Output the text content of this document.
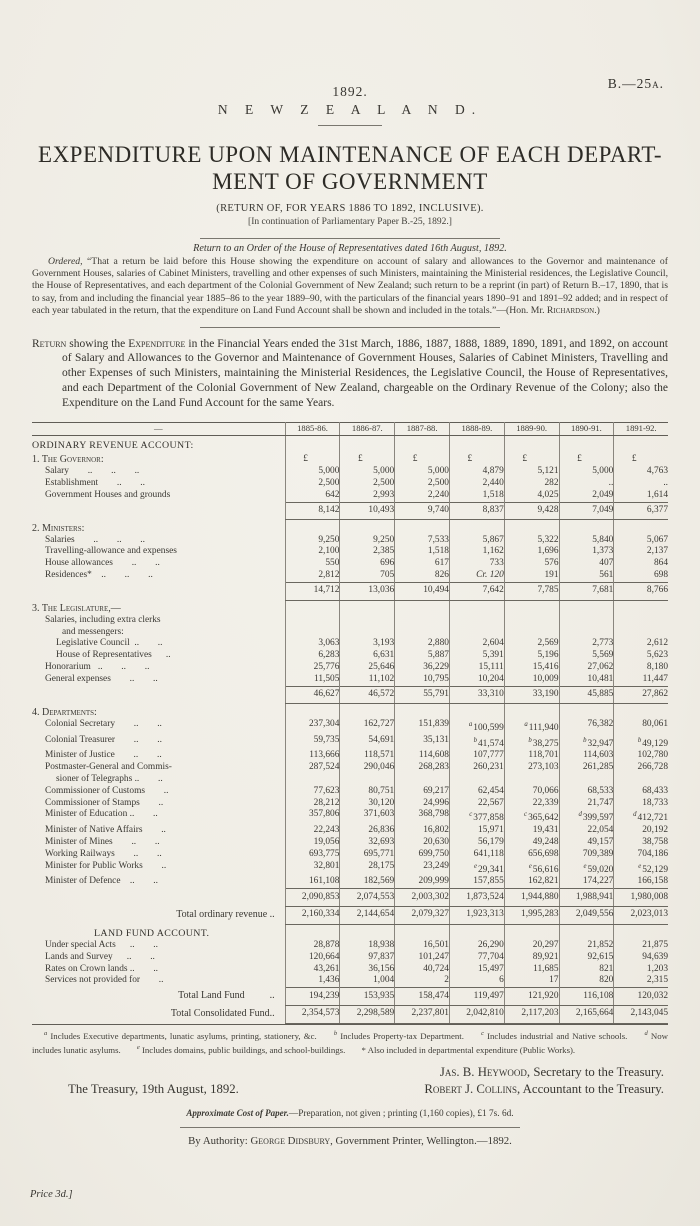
B.—25a.
1892.
N E W Z E A L A N D.
EXPENDITURE UPON MAINTENANCE OF EACH DEPART-
MENT OF GOVERNMENT
(RETURN OF, FOR YEARS 1886 TO 1892, INCLUSIVE).
[In continuation of Parliamentary Paper B.-25, 1892.]
Return to an Order of the House of Representatives dated 16th August, 1892.

Ordered, “That a return be laid before this House showing the expenditure on account of salary and allowances to the Governor and maintenance of Government Houses, salaries of Cabinet Ministers, travelling and other expenses of such Ministers, maintaining the Ministerial residences, the Legislative Council, the House of Representatives, and each department of the Colonial Government of New Zealand; such return to be a reprint (in part) of Return B.–17, 1890, that is to say, from and including the financial year 1885–86 to the year 1889–90, with the particulars of the financial years 1890–91 and 1891–92 added; and in respect of each year tabulated in the return, that the expenditure on Land Fund Account shall be shown and included in the totals.”—(Hon. Mr. Richardson.)

Return showing the Expenditure in the Financial Years ended the 31st March, 1886, 1887, 1888, 1889, 1890, 1891, and 1892, on account of Salary and Allowances to the Governor and Maintenance of Government Houses, Salaries of Cabinet Ministers, Travelling and other Expenses of such Ministers, maintaining the Ministerial Residences, the Legislative Council, the House of Representatives, and each Department of the Colonial Government of New Zealand, chargeable on the Ordinary Revenue of the Colony; also the Expenditure on the Land Fund Account for the same Years.

—	1885-86.	1886-87.	1887-88.	1888-89.	1889-90.	1890-91.	1891-92.

ORDINARY REVENUE ACCOUNT:							

1. The Governor:	£	£	£	£	£	£	£

Salary        ..        ..        ..	5,000	5,000	5,000	4,879	5,121	5,000	4,763

Establishment        ..        ..	2,500	2,500	2,500	2,440	282	..	..

Government Houses and grounds	642	2,993	2,240	1,518	4,025	2,049	1,614

	8,142	10,493	9,740	8,837	9,428	7,049	6,377

2. Ministers:							

Salaries        ..        ..        ..	9,250	9,250	7,533	5,867	5,322	5,840	5,067

Travelling-allowance and expenses	2,100	2,385	1,518	1,162	1,696	1,373	2,137

House allowances        ..        ..	550	696	617	733	576	407	864

Residences*    ..        ..        ..	2,812	705	826	Cr. 120	191	561	698

	14,712	13,036	10,494	7,642	7,785	7,681	8,766

3. The Legislature,—							

Salaries, including extra clerks
and messengers:							

Legislative Council  ..        ..	3,063	3,193	2,880	2,604	2,569	2,773	2,612

House of Representatives      ..	6,283	6,631	5,887	5,391	5,196	5,569	5,623

Honorarium   ..        ..        ..	25,776	25,646	36,229	15,111	15,416	27,062	8,180

General expenses        ..        ..	11,505	11,102	10,795	10,204	10,009	10,481	11,447

	46,627	46,572	55,791	33,310	33,190	45,885	27,862

4. Departments:							

Colonial Secretary        ..        ..	237,304	162,727	151,839	$^a$100,599	$^a$111,940	76,382	80,061

Colonial Treasurer        ..        ..	59,735	54,691	35,131	$^b$41,574	$^b$38,275	$^b$32,947	$^b$49,129

Minister of Justice        ..        ..	113,666	118,571	114,608	107,777	118,701	114,603	102,780

Postmaster-General and Commis-
sioner of Telegraphs ..        ..	287,524	290,046	268,283	260,231	273,103	261,285	266,728

Commissioner of Customs        ..	77,623	80,751	69,217	62,454	70,066	68,533	68,433

Commissioner of Stamps        ..	28,212	30,120	24,996	22,567	22,339	21,747	18,733

Minister of Education ..        ..	357,806	371,603	368,798	$^c$377,858	$^c$365,642	$^d$399,597	$^d$412,721

Minister of Native Affairs        ..	22,243	26,836	16,802	15,971	19,431	22,054	20,192

Minister of Mines        ..        ..	19,056	32,693	20,630	56,179	49,248	49,157	38,758

Working Railways        ..        ..	693,775	695,771	699,750	641,118	656,698	709,389	704,186

Minister for Public Works        ..	32,801	28,175	23,249	$^e$29,341	$^e$56,616	$^e$59,020	$^e$52,129

Minister of Defence    ..        ..	161,108	182,569	209,999	157,855	162,821	174,227	166,158

	2,090,853	2,074,553	2,003,302	1,873,524	1,944,880	1,988,941	1,980,008

Total ordinary revenue ..	2,160,334	2,144,654	2,079,327	1,923,313	1,995,283	2,049,556	2,023,013

LAND FUND ACCOUNT.							

Under special Acts      ..        ..	28,878	18,938	16,501	26,290	20,297	21,852	21,875

Lands and Survey      ..        ..	120,664	97,837	101,247	77,704	89,921	92,615	94,639

Rates on Crown lands ..        ..	43,261	36,156	40,724	15,497	11,685	821	1,203

Services not provided for        ..	1,436	1,004	2	6	17	820	2,315

Total Land Fund          ..	194,239	153,935	158,474	119,497	121,920	116,108	120,032

Total Consolidated Fund..	2,354,573	2,298,589	2,237,801	2,042,810	2,117,203	2,165,664	2,143,045

$^a$ Includes Executive departments, lunatic asylums, printing, stationery, &c.	$^b$ Includes Property-tax Department.	$^c$ Includes industrial and Native schools.	$^d$ Now includes lunatic asylums. $^e$ Includes domains, public buildings, and school-buildings. * Also included in departmental expenditure (Public Works).

Jas. B. Heywood, Secretary to the Treasury.
The Treasury, 19th August, 1892.	Robert J. Collins, Accountant to the Treasury.
Approximate Cost of Paper.—Preparation, not given ; printing (1,160 copies), £1 7s. 6d.
By Authority: George Didsbury, Government Printer, Wellington.—1892.
Price 3d.]
